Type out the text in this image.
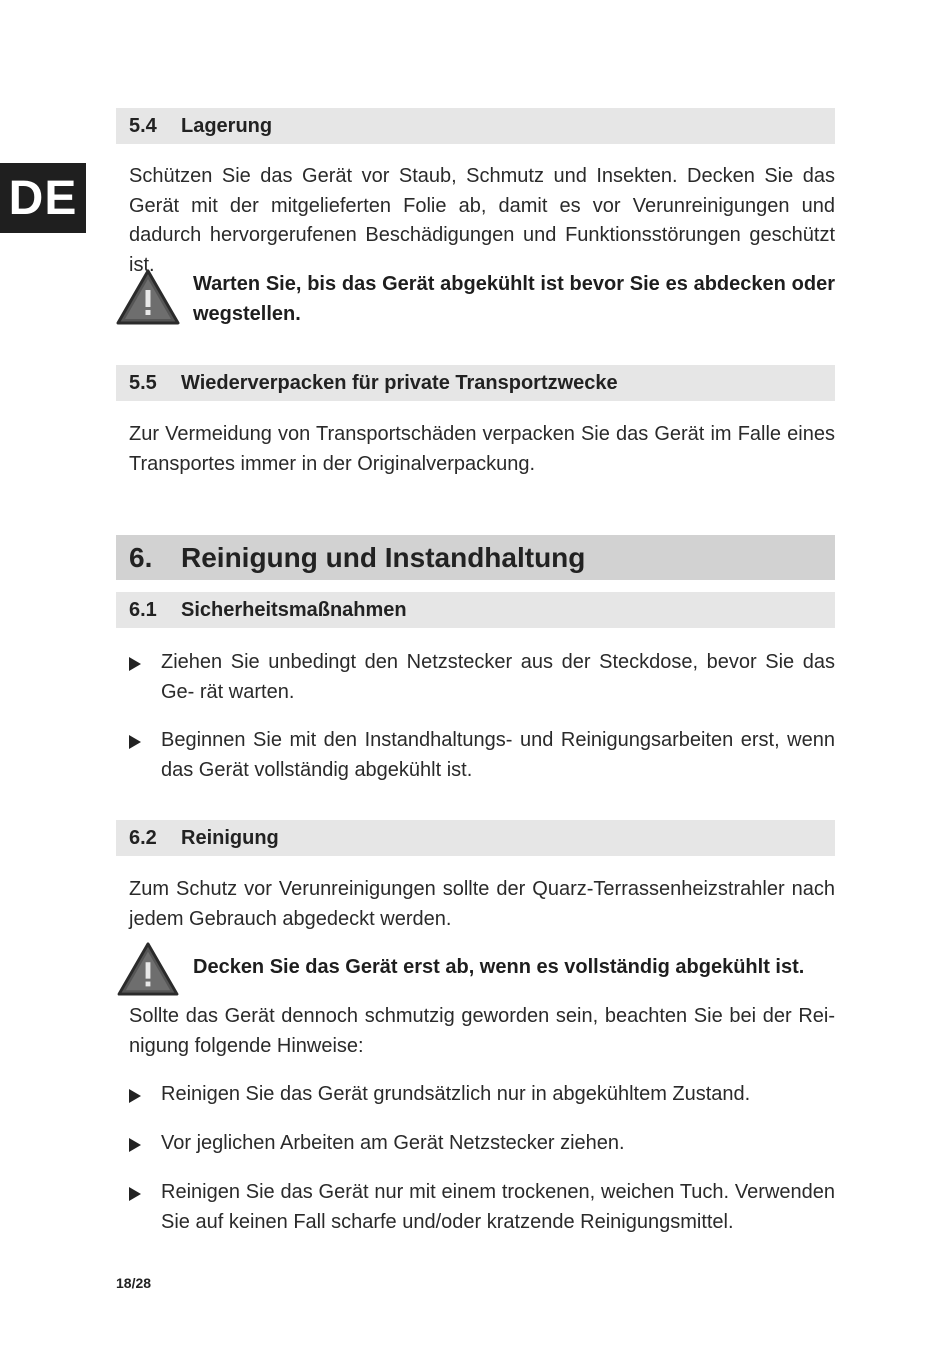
DE
5.4	Lagerung
Schützen Sie das Gerät vor Staub, Schmutz und Insekten. Decken Sie das Gerät mit der mitgelieferten Folie ab, damit es vor Verunreinigungen und dadurch hervorgerufenen Beschädigungen und Funktionsstörungen geschützt ist.
Warten Sie, bis das Gerät abgekühlt ist bevor Sie es abdecken oder wegstellen.
5.5	Wiederverpacken für private Transportzwecke
Zur Vermeidung von Transportschäden verpacken Sie das Gerät im Falle eines Transportes immer in der Originalverpackung.
6.	Reinigung und Instandhaltung
6.1	Sicherheitsmaßnahmen
Ziehen Sie unbedingt den Netzstecker aus der Steckdose, bevor Sie das Ge- rät warten.
Beginnen Sie mit den Instandhaltungs- und Reinigungsarbeiten erst, wenn das Gerät vollständig abgekühlt ist.
6.2	Reinigung
Zum Schutz vor Verunreinigungen sollte der Quarz-Terrassenheizstrahler nach jedem Gebrauch abgedeckt werden.
Decken Sie das Gerät erst ab, wenn es vollständig abgekühlt ist.
Sollte das Gerät dennoch schmutzig geworden sein, beachten Sie bei der Rei- nigung folgende Hinweise:
Reinigen Sie das Gerät grundsätzlich nur in abgekühltem Zustand.
Vor jeglichen Arbeiten am Gerät Netzstecker ziehen.
Reinigen Sie das Gerät nur mit einem trockenen, weichen Tuch. Verwenden Sie auf keinen Fall scharfe und/oder kratzende Reinigungsmittel.
18/28
